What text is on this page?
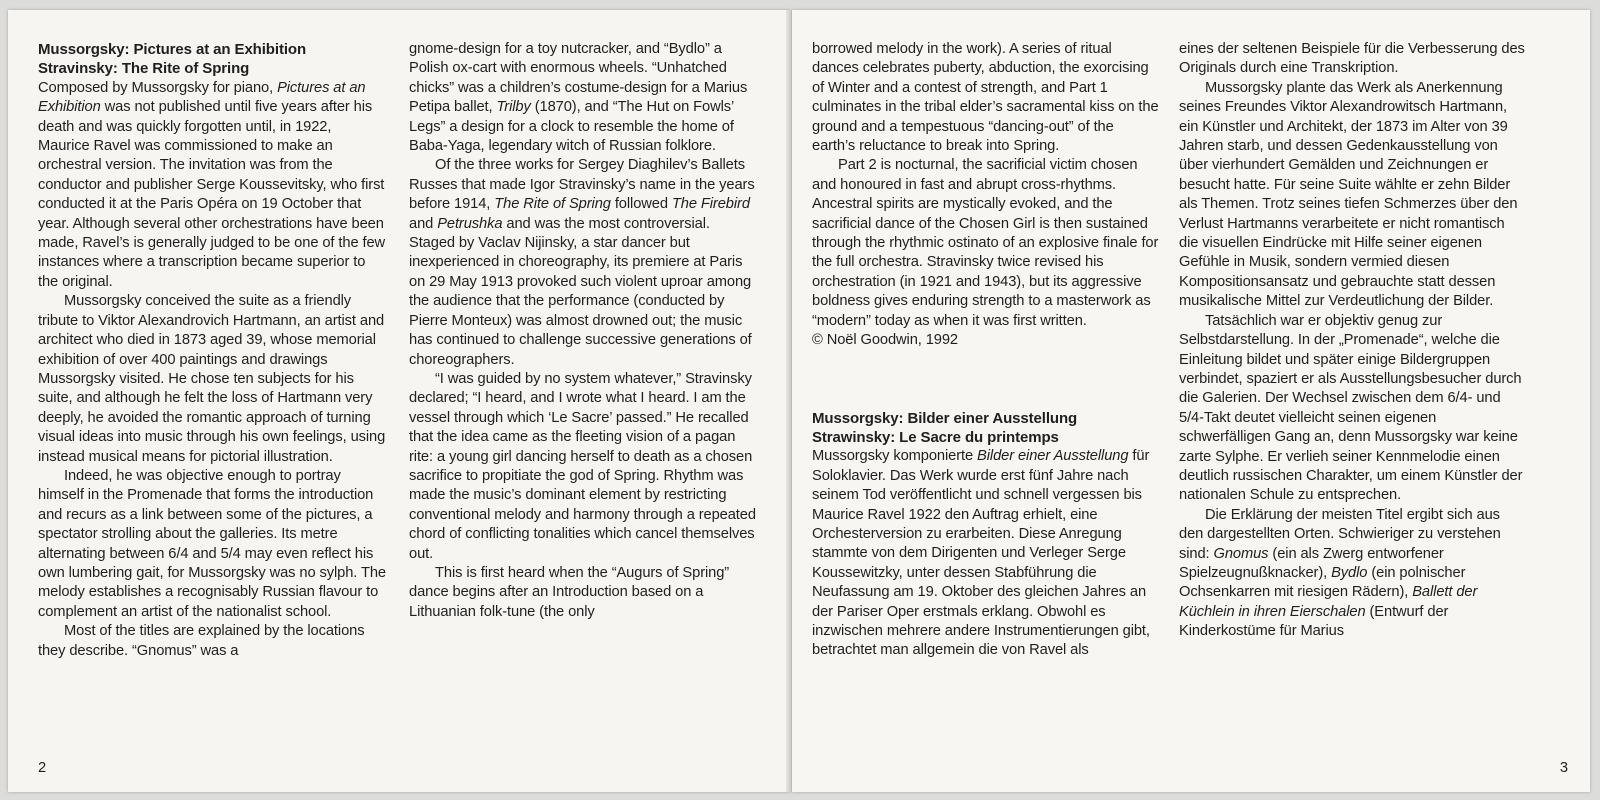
Mussorgsky: Pictures at an Exhibition

Stravinsky: The Rite of Spring

Composed by Mussorgsky for piano, Pictures at an Exhibition was not published until five years after his death and was quickly forgotten until, in 1922, Maurice Ravel was commissioned to make an orchestral version. The invitation was from the conductor and publisher Serge Koussevitsky, who first conducted it at the Paris Opéra on 19 October that year. Although several other orchestrations have been made, Ravel’s is generally judged to be one of the few instances where a transcription became superior to the original.

Mussorgsky conceived the suite as a friendly tribute to Viktor Alexandrovich Hartmann, an artist and architect who died in 1873 aged 39, whose memorial exhibition of over 400 paintings and drawings Mussorgsky visited. He chose ten subjects for his suite, and although he felt the loss of Hartmann very deeply, he avoided the romantic approach of turning visual ideas into music through his own feelings, using instead musical means for pictorial illustration.

Indeed, he was objective enough to portray himself in the Promenade that forms the introduction and recurs as a link between some of the pictures, a spectator strolling about the galleries. Its metre alternating between 6/4 and 5/4 may even reflect his own lumbering gait, for Mussorgsky was no sylph. The melody establishes a recognisably Russian flavour to complement an artist of the nationalist school.

Most of the titles are explained by the locations they describe. “Gnomus” was a

gnome-design for a toy nutcracker, and “Bydlo” a Polish ox-cart with enormous wheels. “Unhatched chicks” was a children’s costume-design for a Marius Petipa ballet, Trilby (1870), and “The Hut on Fowls’ Legs” a design for a clock to resemble the home of Baba-Yaga, legendary witch of Russian folklore.

Of the three works for Sergey Diaghilev’s Ballets Russes that made Igor Stravinsky’s name in the years before 1914, The Rite of Spring followed The Firebird and Petrushka and was the most controversial. Staged by Vaclav Nijinsky, a star dancer but inexperienced in choreography, its premiere at Paris on 29 May 1913 provoked such violent uproar among the audience that the performance (conducted by Pierre Monteux) was almost drowned out; the music has continued to challenge successive generations of choreographers.

“I was guided by no system whatever,” Stravinsky declared; “I heard, and I wrote what I heard. I am the vessel through which ‘Le Sacre’ passed.” He recalled that the idea came as the fleeting vision of a pagan rite: a young girl dancing herself to death as a chosen sacrifice to propitiate the god of Spring. Rhythm was made the music’s dominant element by restricting conventional melody and harmony through a repeated chord of conflicting tonalities which cancel themselves out.

This is first heard when the “Augurs of Spring” dance begins after an Introduction based on a Lithuanian folk-tune (the only

2

borrowed melody in the work). A series of ritual dances celebrates puberty, abduction, the exorcising of Winter and a contest of strength, and Part 1 culminates in the tribal elder’s sacramental kiss on the ground and a tempestuous “dancing-out” of the earth’s reluctance to break into Spring.

Part 2 is nocturnal, the sacrificial victim chosen and honoured in fast and abrupt cross-rhythms. Ancestral spirits are mystically evoked, and the sacrificial dance of the Chosen Girl is then sustained through the rhythmic ostinato of an explosive finale for the full orchestra. Stravinsky twice revised his orchestration (in 1921 and 1943), but its aggressive boldness gives enduring strength to a masterwork as “modern” today as when it was first written.

© Noël Goodwin, 1992

Mussorgsky: Bilder einer Ausstellung

Strawinsky: Le Sacre du printemps

Mussorgsky komponierte Bilder einer Ausstellung für Soloklavier. Das Werk wurde erst fünf Jahre nach seinem Tod veröffentlicht und schnell vergessen bis Maurice Ravel 1922 den Auftrag erhielt, eine Orchesterversion zu erarbeiten. Diese Anregung stammte von dem Dirigenten und Verleger Serge Koussewitzky, unter dessen Stabführung die Neufassung am 19. Oktober des gleichen Jahres an der Pariser Oper erstmals erklang. Obwohl es inzwischen mehrere andere Instrumentierungen gibt, betrachtet man allgemein die von Ravel als

eines der seltenen Beispiele für die Verbesserung des Originals durch eine Transkription.

Mussorgsky plante das Werk als Anerkennung seines Freundes Viktor Alexandrowitsch Hartmann, ein Künstler und Architekt, der 1873 im Alter von 39 Jahren starb, und dessen Gedenkausstellung von über vierhundert Gemälden und Zeichnungen er besucht hatte. Für seine Suite wählte er zehn Bilder als Themen. Trotz seines tiefen Schmerzes über den Verlust Hartmanns verarbeitete er nicht romantisch die visuellen Eindrücke mit Hilfe seiner eigenen Gefühle in Musik, sondern vermied diesen Kompositionsansatz und gebrauchte statt dessen musikalische Mittel zur Verdeutlichung der Bilder.

Tatsächlich war er objektiv genug zur Selbstdarstellung. In der „Promenade“, welche die Einleitung bildet und später einige Bildergruppen verbindet, spaziert er als Ausstellungsbesucher durch die Galerien. Der Wechsel zwischen dem 6/4- und 5/4-Takt deutet vielleicht seinen eigenen schwerfälligen Gang an, denn Mussorgsky war keine zarte Sylphe. Er verlieh seiner Kennmelodie einen deutlich russischen Charakter, um einem Künstler der nationalen Schule zu entsprechen.

Die Erklärung der meisten Titel ergibt sich aus den dargestellten Orten. Schwieriger zu verstehen sind: Gnomus (ein als Zwerg entworfener Spielzeugnußknacker), Bydlo (ein polnischer Ochsenkarren mit riesigen Rädern), Ballett der Küchlein in ihren Eierschalen (Entwurf der Kinderkostüme für Marius

3
